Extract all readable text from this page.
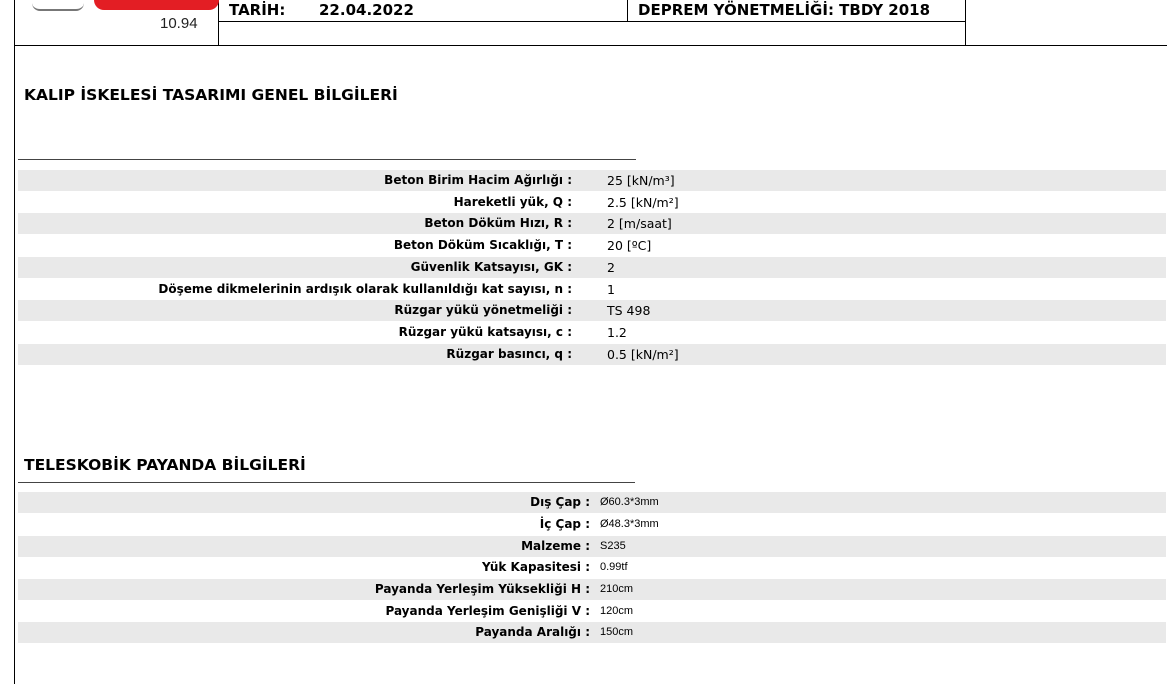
10.94
TARİH: 22.04.2022	DEPREM YÖNETMELİĞİ: TBDY 2018
KALIP İSKELESİ TASARIMI GENEL BİLGİLERİ
Beton Birim Hacim Ağırlığı :	25 [kN/m³]
Hareketli yük, Q :	2.5 [kN/m²]
Beton Döküm Hızı, R :	2 [m/saat]
Beton Döküm Sıcaklığı, T :	20 [ºC]
Güvenlik Katsayısı, GK :	2
Döşeme dikmelerinin ardışık olarak kullanıldığı kat sayısı, n :	1
Rüzgar yükü yönetmeliği :	TS 498
Rüzgar yükü katsayısı, c :	1.2
Rüzgar basıncı, q :	0.5 [kN/m²]
TELESKOBİK PAYANDA BİLGİLERİ
Dış Çap : Ø60.3*3mm
İç Çap : Ø48.3*3mm
Malzeme : S235
Yük Kapasitesi : 0.99tf
Payanda Yerleşim Yüksekliği H : 210cm
Payanda Yerleşim Genişliği V : 120cm
Payanda Aralığı : 150cm
